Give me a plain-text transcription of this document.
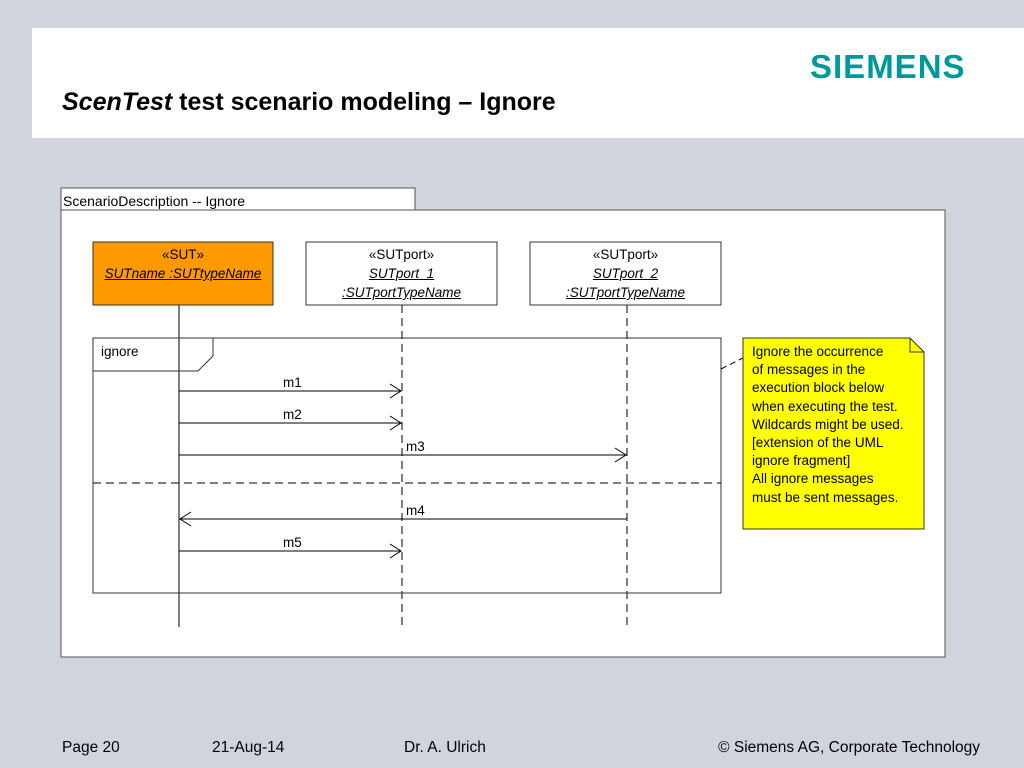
ScenTest test scenario modeling – Ignore
SIEMENS
ScenarioDescription -- Ignore
«SUT»
SUTname :SUTtypeName
«SUTport»
SUTport_1
:SUTportTypeName
«SUTport»
SUTport_2
:SUTportTypeName
ignore
m1
m2
m3
m4
m5
Ignore the occurrence
of messages in the
execution block below
when executing the test.
Wildcards might be used.
[extension of the UML
ignore fragment]
All ignore messages
must be sent messages.
Page 20	21-Aug-14	Dr. A. Ulrich	© Siemens AG, Corporate Technology
